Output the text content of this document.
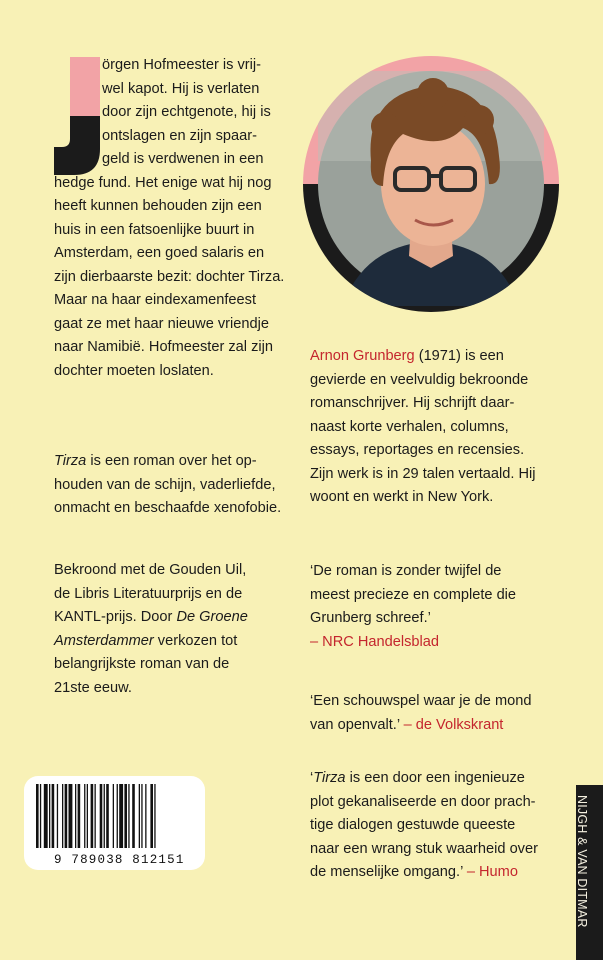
örgen Hofmeester is vrij-
wel kapot. Hij is verlaten
door zijn echtgenote, hij is
ontslagen en zijn spaar-
geld is verdwenen in een
hedge fund. Het enige wat hij nog
heeft kunnen behouden zijn een
huis in een fatsoenlijke buurt in
Amsterdam, een goed salaris en
zijn dierbaarste bezit: dochter Tirza.
Maar na haar eindexamenfeest
gaat ze met haar nieuwe vriendje
naar Namibië. Hofmeester zal zijn
dochter moeten loslaten.
Tirza is een roman over het op-
houden van de schijn, vaderliefde,
onmacht en beschaafde xenofobie.
Bekroond met de Gouden Uil,
de Libris Literatuurprijs en de
KANTL-prijs. Door De Groene
Amsterdammer verkozen tot
belangrijkste roman van de
21ste eeuw.
Arnon Grunberg (1971) is een
gevierde en veelvuldig bekroonde
romanschrijver. Hij schrijft daar-
naast korte verhalen, columns,
essays, reportages en recensies.
Zijn werk is in 29 talen vertaald. Hij
woont en werkt in New York.
‘De roman is zonder twijfel de
meest precieze en complete die
Grunberg schreef.’
– NRC Handelsblad
‘Een schouwspel waar je de mond
van openvalt.’ – de Volkskrant
‘Tirza is een door een ingenieuze
plot gekanaliseerde en door prach-
tige dialogen gestuwde queeste
naar een wrang stuk waarheid over
de menselijke omgang.’ – Humo
9 789038 812151	NIJGH & VAN DITMAR
